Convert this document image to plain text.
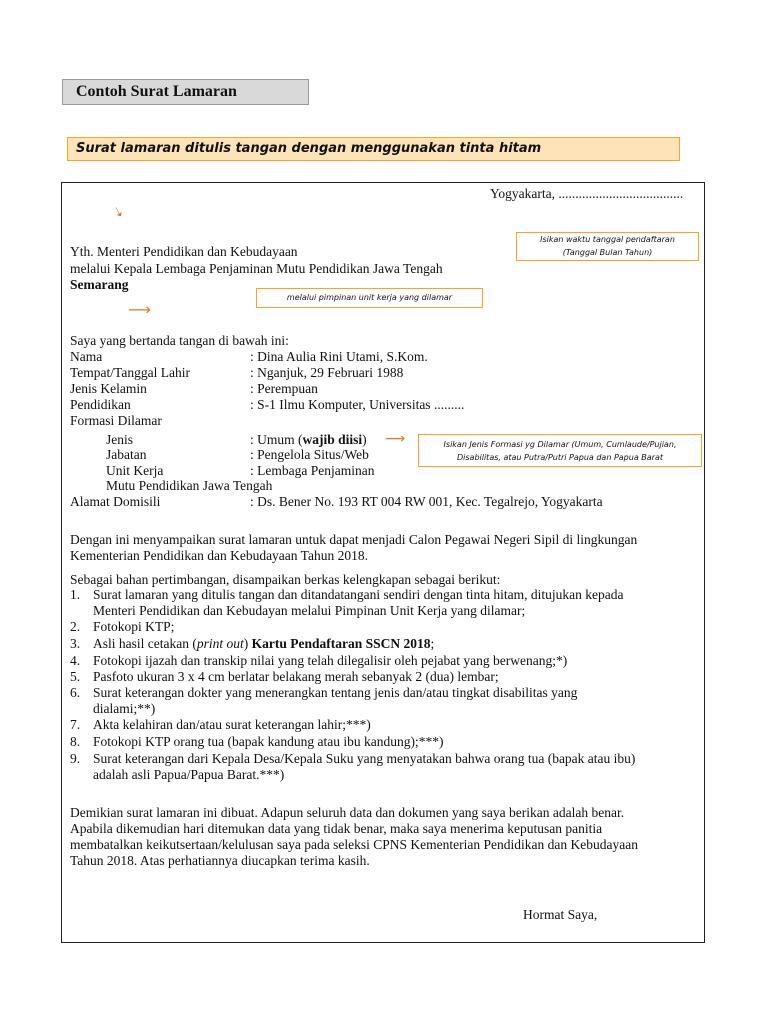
Contoh Surat Lamaran
Surat lamaran ditulis tangan dengan menggunakan tinta hitam
Yogyakarta, .....................................
➝
⟶
⟶
Isikan waktu tanggal pendaftaran
(Tanggal Bulan Tahun)
melalui pimpinan unit kerja yang dilamar
Isikan Jenis Formasi yg Dilamar (Umum, Cumlaude/Pujian,
Disabilitas, atau Putra/Putri Papua dan Papua Barat
Yth. Menteri Pendidikan dan Kebudayaan
melalui Kepala Lembaga Penjaminan Mutu Pendidikan Jawa Tengah
Semarang
Saya yang bertanda tangan di bawah ini:
Nama	: Dina Aulia Rini Utami, S.Kom.
Tempat/Tanggal Lahir	: Nganjuk, 29 Februari 1988
Jenis Kelamin	: Perempuan
Pendidikan	: S-1 Ilmu Komputer, Universitas .........
Formasi Dilamar
Jenis	: Umum (wajib diisi)
Jabatan	: Pengelola Situs/Web
Unit Kerja	: Lembaga Penjaminan
Mutu Pendidikan Jawa Tengah
Alamat Domisili	: Ds. Bener No. 193 RT 004 RW 001, Kec. Tegalrejo, Yogyakarta
Dengan ini menyampaikan surat lamaran untuk dapat menjadi Calon Pegawai Negeri Sipil di lingkungan
Kementerian Pendidikan dan Kebudayaan Tahun 2018.
Sebagai bahan pertimbangan, disampaikan berkas kelengkapan sebagai berikut:
1. Surat lamaran yang ditulis tangan dan ditandatangani sendiri dengan tinta hitam, ditujukan kepada
Menteri Pendidikan dan Kebudayan melalui Pimpinan Unit Kerja yang dilamar;
2. Fotokopi KTP;
3. Asli hasil cetakan (print out) Kartu Pendaftaran SSCN 2018;
4. Fotokopi ijazah dan transkip nilai yang telah dilegalisir oleh pejabat yang berwenang;*)
5. Pasfoto ukuran 3 x 4 cm berlatar belakang merah sebanyak 2 (dua) lembar;
6. Surat keterangan dokter yang menerangkan tentang jenis dan/atau tingkat disabilitas yang
dialami;**)
7. Akta kelahiran dan/atau surat keterangan lahir;***)
8. Fotokopi KTP orang tua (bapak kandung atau ibu kandung);***)
9. Surat keterangan dari Kepala Desa/Kepala Suku yang menyatakan bahwa orang tua (bapak atau ibu)
adalah asli Papua/Papua Barat.***)
Demikian surat lamaran ini dibuat. Adapun seluruh data dan dokumen yang saya berikan adalah benar.
Apabila dikemudian hari ditemukan data yang tidak benar, maka saya menerima keputusan panitia
membatalkan keikutsertaan/kelulusan saya pada seleksi CPNS Kementerian Pendidikan dan Kebudayaan
Tahun 2018. Atas perhatiannya diucapkan terima kasih.
Hormat Saya,
